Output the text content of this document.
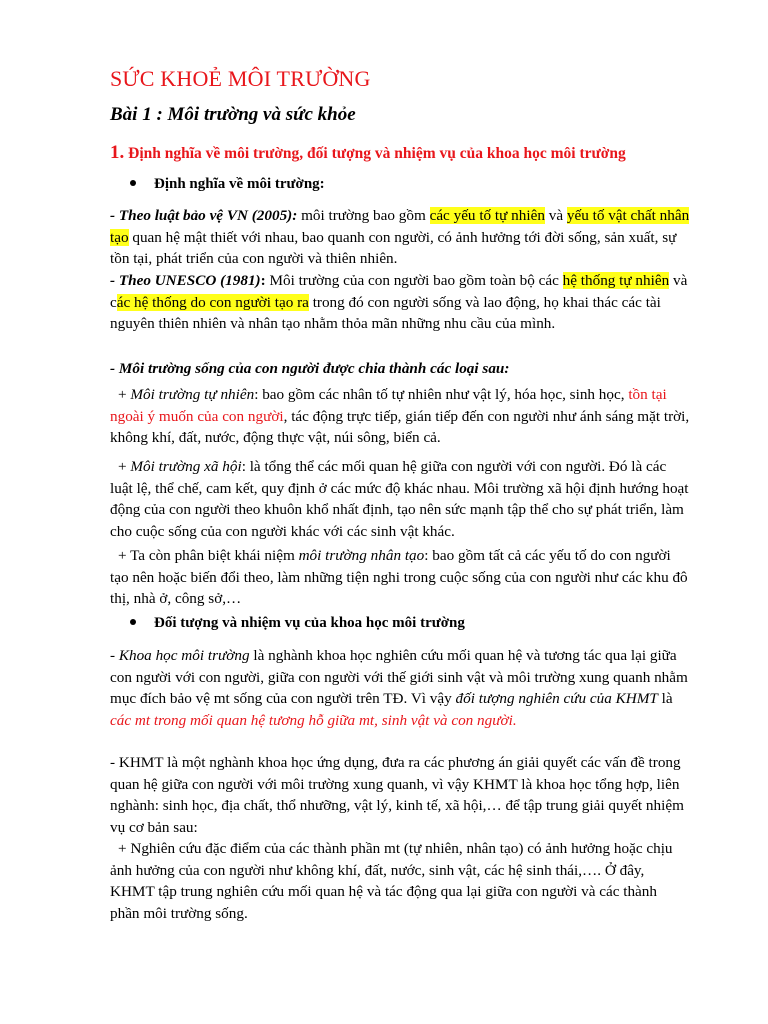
SỨC KHOẺ MÔI TRƯỜNG
Bài 1 : Môi trường và sức khỏe
1. Định nghĩa về môi trường, đối tượng và nhiệm vụ của khoa học môi trường

Định nghĩa về môi trường:

- Theo luật bảo vệ VN (2005): môi trường bao gồm các yếu tố tự nhiên và yếu tố vật chất nhân tạo quan hệ mật thiết với nhau, bao quanh con người, có ảnh hưởng tới đời sống, sản xuất, sự tồn tại, phát triển của con người và thiên nhiên.

- Theo UNESCO (1981): Môi trường của con người bao gồm toàn bộ các hệ thống tự nhiên và các hệ thống do con người tạo ra trong đó con người sống và lao động, họ khai thác các tài nguyên thiên nhiên và nhân tạo nhằm thỏa mãn những nhu cầu của mình.

- Môi trường sống của con người được chia thành các loại sau:

+ Môi trường tự nhiên: bao gồm các nhân tố tự nhiên như vật lý, hóa học, sinh học, tồn tại ngoài ý muốn của con người, tác động trực tiếp, gián tiếp đến con người như ánh sáng mặt trời, không khí, đất, nước, động thực vật, núi sông, biển cả.

+ Môi trường xã hội: là tổng thể các mối quan hệ giữa con người với con người. Đó là các luật lệ, thể chế, cam kết, quy định ở các mức độ khác nhau. Môi trường xã hội định hướng hoạt động của con người theo khuôn khổ nhất định, tạo nên sức mạnh tập thể cho sự phát triển, làm cho cuộc sống của con người khác với các sinh vật khác.

+ Ta còn phân biệt khái niệm môi trường nhân tạo: bao gồm tất cả các yếu tố do con người tạo nên hoặc biến đổi theo, làm những tiện nghi trong cuộc sống của con người như các khu đô thị, nhà ở, công sở,…

Đối tượng và nhiệm vụ của khoa học môi trường

- Khoa học môi trường là nghành khoa học nghiên cứu mối quan hệ và tương tác qua lại giữa con người với con người, giữa con người với thế giới sinh vật và môi trường xung quanh nhằm mục đích bảo vệ mt sống của con người trên TĐ. Vì vậy đối tượng nghiên cứu của KHMT là các mt trong mối quan hệ tương hỗ giữa mt, sinh vật và con người.

- KHMT là một nghành khoa học ứng dụng, đưa ra các phương án giải quyết các vấn đề trong quan hệ giữa con người với môi trường xung quanh, vì vậy KHMT là khoa học tổng hợp, liên nghành: sinh học, địa chất, thổ nhưỡng, vật lý, kinh tế, xã hội,… để tập trung giải quyết nhiệm vụ cơ bản sau:

+ Nghiên cứu đặc điểm của các thành phần mt (tự nhiên, nhân tạo) có ảnh hưởng hoặc chịu ảnh hưởng của con người như không khí, đất, nước, sinh vật, các hệ sinh thái,…. Ở đây, KHMT tập trung nghiên cứu mối quan hệ và tác động qua lại giữa con người và các thành phần môi trường sống.
